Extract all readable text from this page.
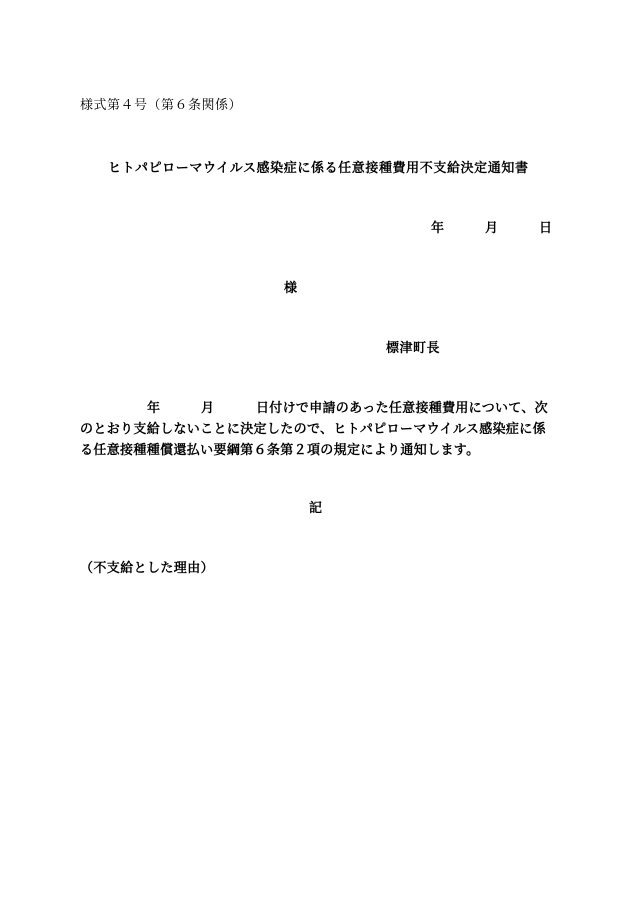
様式第４号（第６条関係）
ヒトパピローマウイルス感染症に係る任意接種費用不支給決定通知書
年	月	日
様
標津町長
年	月	日付けで申請のあった任意接種費用について、次
のとおり支給しないことに決定したので、ヒトパピローマウイルス感染症に係
る任意接種種償還払い要綱第６条第２項の規定により通知します。
記
（不支給とした理由）
